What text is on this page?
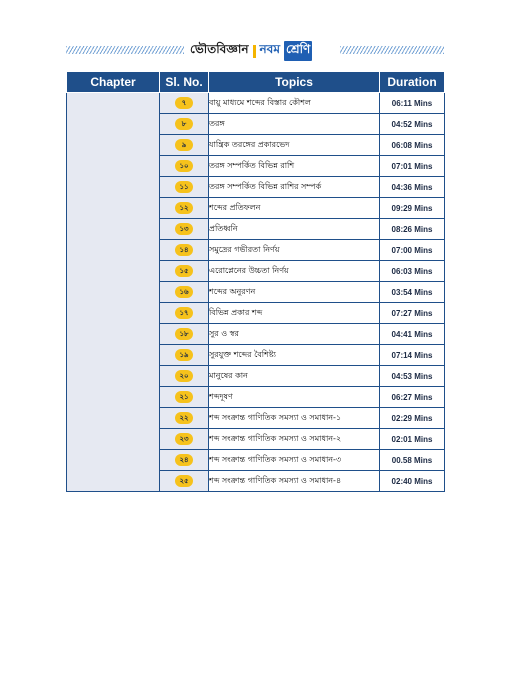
ভৌতবিজ্ঞান নবম শ্রেণি
Chapter	Sl. No.	Topics	Duration
	৭	বায়ু মাধ্যমে শব্দের বিস্তার কৌশল	06:11 Mins
	৮	তরঙ্গ	04:52 Mins
	৯	যান্ত্রিক তরঙ্গের প্রকারভেদ	06:08 Mins
	১০	তরঙ্গ সম্পর্কিত বিভিন্ন রাশি	07:01 Mins
	১১	তরঙ্গ সম্পর্কিত বিভিন্ন রাশির সম্পর্ক	04:36 Mins
	১২	শব্দের প্রতিফলন	09:29 Mins
	১৩	প্রতিধ্বনি	08:26 Mins
	১৪	সমুদ্রের গভীরতা নির্ণয়	07:00 Mins
	১৫	এরোপ্লেনের উচ্চতা নির্ণয়	06:03 Mins
	১৬	শব্দের অনুরণন	03:54 Mins
	১৭	বিভিন্ন প্রকার শব্দ	07:27 Mins
	১৮	সুর ও স্বর	04:41 Mins
	১৯	সুরযুক্ত শব্দের বৈশিষ্ট্য	07:14 Mins
	২০	মানুষের কান	04:53 Mins
	২১	শব্দদূষণ	06:27 Mins
	২২	শব্দ সংক্রান্ত গাণিতিক সমস্যা ও সমাধান-১	02:29 Mins
	২৩	শব্দ সংক্রান্ত গাণিতিক সমস্যা ও সমাধান-২	02:01 Mins
	২৪	শব্দ সংক্রান্ত গাণিতিক সমস্যা ও সমাধান-৩	00.58 Mins
	২৫	শব্দ সংক্রান্ত গাণিতিক সমস্যা ও সমাধান-৪	02:40 Mins
